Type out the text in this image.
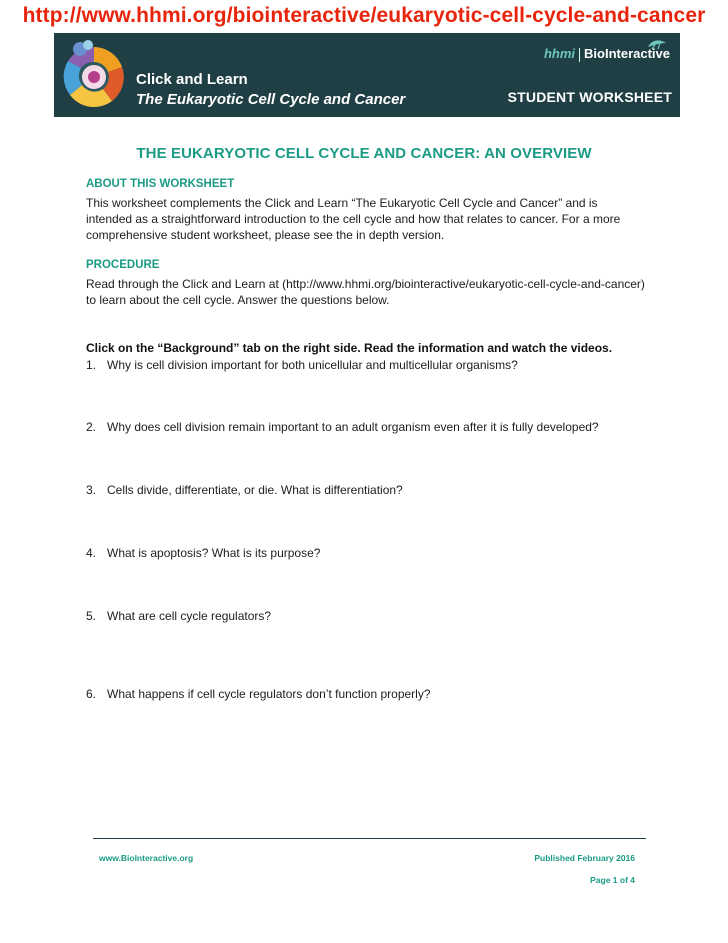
http://www.hhmi.org/biointeractive/eukaryotic-cell-cycle-and-cancer
Click and Learn
The Eukaryotic Cell Cycle and Cancer
hhmi BioInteractive
STUDENT WORKSHEET
THE EUKARYOTIC CELL CYCLE AND CANCER: AN OVERVIEW
ABOUT THIS WORKSHEET
This worksheet complements the Click and Learn “The Eukaryotic Cell Cycle and Cancer” and is intended as a straightforward introduction to the cell cycle and how that relates to cancer. For a more comprehensive student worksheet, please see the in depth version.
PROCEDURE
Read through the Click and Learn at (http://www.hhmi.org/biointeractive/eukaryotic-cell-cycle-and-cancer) to learn about the cell cycle. Answer the questions below.
Click on the “Background” tab on the right side. Read the information and watch the videos.
1. Why is cell division important for both unicellular and multicellular organisms?
2. Why does cell division remain important to an adult organism even after it is fully developed?
3. Cells divide, differentiate, or die. What is differentiation?
4. What is apoptosis? What is its purpose?
5. What are cell cycle regulators?
6. What happens if cell cycle regulators don’t function properly?
www.BioInteractive.org	Published February 2016
Page 1 of 4
